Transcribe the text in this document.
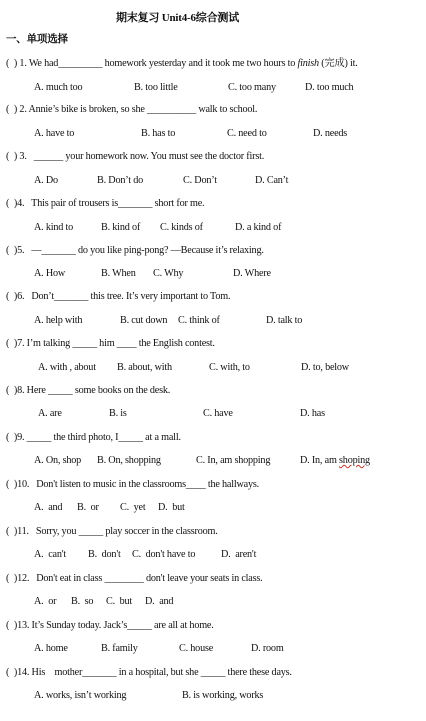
期末复习 Unit4-6综合测试
一、单项选择
(  ) 1. We had_________ homework yesterday and it took me two hours to finish (完成) it.
A. much too	B. too little	C. too many	D. too much
(  ) 2. Annie’s bike is broken, so she __________ walk to school.
A. have to	B. has to	C. need to	D. needs
(  ) 3.   ______ your homework now. You must see the doctor first.
A. Do	B. Don’t do	C. Don’t	D. Can’t
(  )4.   This pair of trousers is_______ short for me.
A. kind to	B. kind of C. kinds of	D. a kind of
(  )5.   —_______ do you like ping-pong? —Because it’s relaxing.
A. How	B. When C. Why	D. Where
(  )6.   Don’t_______ this tree. It’s very important to Tom.
A. help with	B. cut down C. think of	D. talk to
(  )7. I’m talking _____ him ____ the English contest.
A. with , about B. about, with	C. with, to	D. to, below
(  )8. Here _____ some books on the desk.
A. are	B. is	C. have	D. has
(  )9. _____ the third photo, I_____ at a mall.
A. On, shop B. On, shopping	C. In, am shopping	D. In, am shoping
(  )10.   Don't listen to music in the classrooms____ the hallways.
A.  and B.  or C.  yet D.  but
(  )11.   Sorry, you _____ play soccer in the classroom.
A.  can't B.  don't C.  don't have to	D.  aren't
(  )12.   Don't eat in class ________ don't leave your seats in class.
A.  or B.  so C.  but D.  and
(  )13. It’s Sunday today. Jack’s_____ are all at home.
A. home	B. family	C. house	D. room
(  )14. His    mother_______ in a hospital, but she _____ there these days.
A. works, isn’t working	B. is working, works
